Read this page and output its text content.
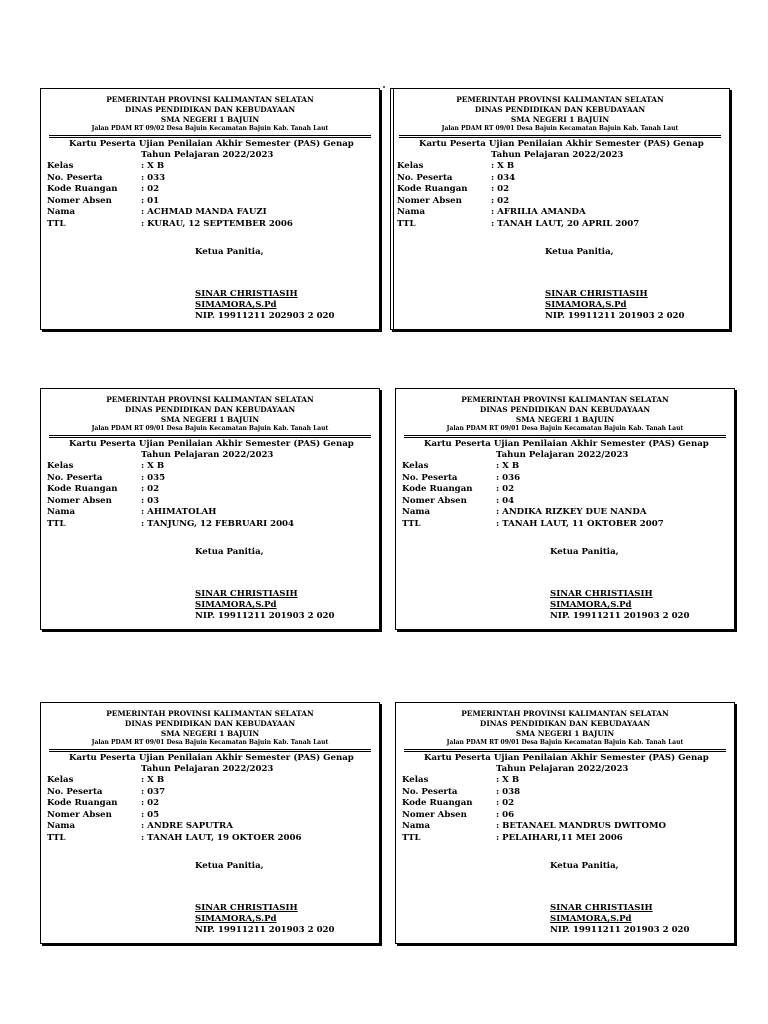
PEMERINTAH PROVINSI KALIMANTAN SELATAN
DINAS PENDIDIKAN DAN KEBUDAYAAN
SMA NEGERI 1 BAJUIN
Jalan PDAM RT 09/02 Desa Bajuin Kecamatan Bajuin Kab. Tanah Laut
Kartu Peserta Ujian Penilaian Akhir Semester (PAS) Genap
Tahun Pelajaran 2022/2023
Kelas	: X B
No. Peserta	: 033
Kode Ruangan	: 02
Nomer Absen	: 01
Nama	: ACHMAD MANDA FAUZI
TTL	: KURAU, 12 SEPTEMBER 2006
Ketua Panitia,
SINAR CHRISTIASIH SIMAMORA,S.Pd
NIP. 19911211 202903 2 020
PEMERINTAH PROVINSI KALIMANTAN SELATAN
DINAS PENDIDIKAN DAN KEBUDAYAAN
SMA NEGERI 1 BAJUIN
Jalan PDAM RT 09/01 Desa Bajuin Kecamatan Bajuin Kab. Tanah Laut
Kartu Peserta Ujian Penilaian Akhir Semester (PAS) Genap
Tahun Pelajaran 2022/2023
Kelas	: X B
No. Peserta	: 034
Kode Ruangan	: 02
Nomer Absen	: 02
Nama	: AFRILIA AMANDA
TTL	: TANAH LAUT, 20 APRIL 2007
Ketua Panitia,
SINAR CHRISTIASIH SIMAMORA,S.Pd
NIP. 19911211 201903 2 020
PEMERINTAH PROVINSI KALIMANTAN SELATAN
DINAS PENDIDIKAN DAN KEBUDAYAAN
SMA NEGERI 1 BAJUIN
Jalan PDAM RT 09/01 Desa Bajuin Kecamatan Bajuin Kab. Tanah Laut
Kartu Peserta Ujian Penilaian Akhir Semester (PAS) Genap
Tahun Pelajaran 2022/2023
Kelas	: X B
No. Peserta	: 035
Kode Ruangan	: 02
Nomer Absen	: 03
Nama	: AHIMATOLAH
TTL	: TANJUNG, 12 FEBRUARI 2004
Ketua Panitia,
SINAR CHRISTIASIH SIMAMORA,S.Pd
NIP. 19911211 201903 2 020
PEMERINTAH PROVINSI KALIMANTAN SELATAN
DINAS PENDIDIKAN DAN KEBUDAYAAN
SMA NEGERI 1 BAJUIN
Jalan PDAM RT 09/01 Desa Bajuin Kecamatan Bajuin Kab. Tanah Laut
Kartu Peserta Ujian Penilaian Akhir Semester (PAS) Genap
Tahun Pelajaran 2022/2023
Kelas	: X B
No. Peserta	: 036
Kode Ruangan	: 02
Nomer Absen	: 04
Nama	: ANDIKA RIZKEY DUE NANDA
TTL	: TANAH LAUT, 11 OKTOBER 2007
Ketua Panitia,
SINAR CHRISTIASIH SIMAMORA,S.Pd
NIP. 19911211 201903 2 020
PEMERINTAH PROVINSI KALIMANTAN SELATAN
DINAS PENDIDIKAN DAN KEBUDAYAAN
SMA NEGERI 1 BAJUIN
Jalan PDAM RT 09/01 Desa Bajuin Kecamatan Bajuin Kab. Tanah Laut
Kartu Peserta Ujian Penilaian Akhir Semester (PAS) Genap
Tahun Pelajaran 2022/2023
Kelas	: X B
No. Peserta	: 037
Kode Ruangan	: 02
Nomer Absen	: 05
Nama	: ANDRE SAPUTRA
TTL	: TANAH LAUT, 19 OKTOER 2006
Ketua Panitia,
SINAR CHRISTIASIH SIMAMORA,S.Pd
NIP. 19911211 201903 2 020
PEMERINTAH PROVINSI KALIMANTAN SELATAN
DINAS PENDIDIKAN DAN KEBUDAYAAN
SMA NEGERI 1 BAJUIN
Jalan PDAM RT 09/01 Desa Bajuin Kecamatan Bajuin Kab. Tanah Laut
Kartu Peserta Ujian Penilaian Akhir Semester (PAS) Genap
Tahun Pelajaran 2022/2023
Kelas	: X B
No. Peserta	: 038
Kode Ruangan	: 02
Nomer Absen	: 06
Nama	: BETANAEL MANDRUS DWITOMO
TTL	: PELAIHARI,11 MEI 2006
Ketua Panitia,
SINAR CHRISTIASIH SIMAMORA,S.Pd
NIP. 19911211 201903 2 020
